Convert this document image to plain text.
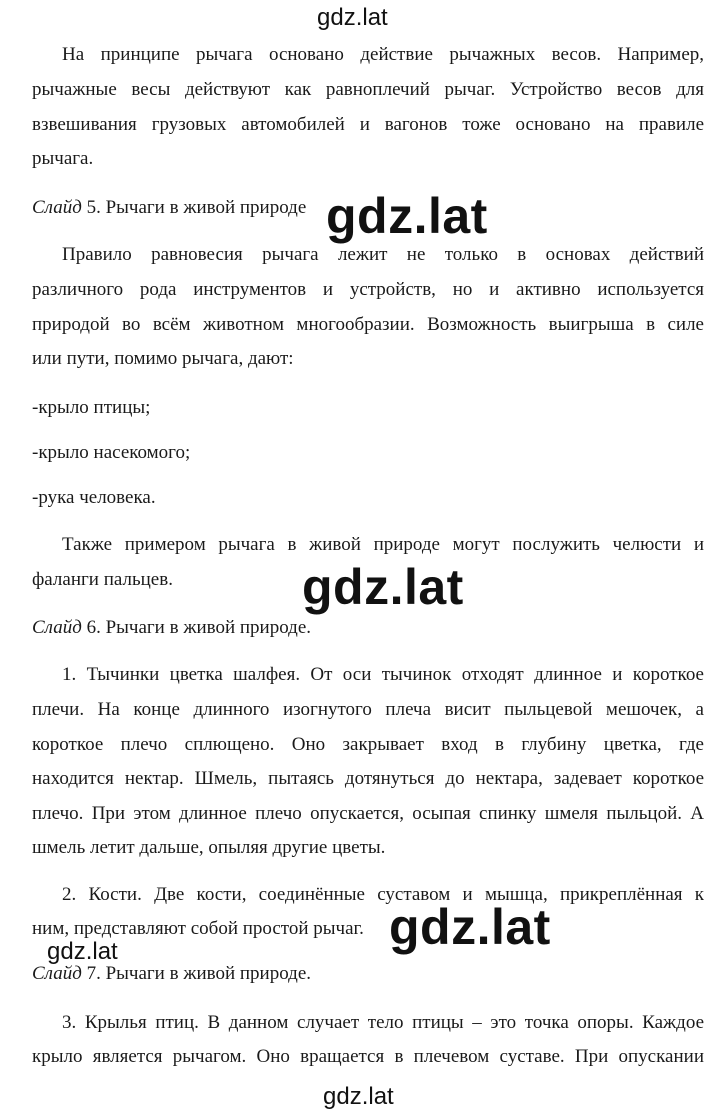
gdz.lat
На принципе рычага основано действие рычажных весов. Например,
рычажные весы действуют как равноплечий рычаг. Устройство весов для
взвешивания грузовых автомобилей и вагонов тоже основано на правиле
рычага.
Слайд 5. Рычаги в живой природе
Правило равновесия рычага лежит не только в основах действий
различного рода инструментов и устройств, но и активно используется
природой во всём животном многообразии. Возможность выигрыша в силе
или пути, помимо рычага, дают:
-крыло птицы;
-крыло насекомого;
-рука человека.
Также примером рычага в живой природе могут послужить челюсти и
фаланги пальцев.
Слайд 6. Рычаги в живой природе.
1. Тычинки цветка шалфея. От оси тычинок отходят длинное и короткое
плечи. На конце длинного изогнутого плеча висит пыльцевой мешочек, а
короткое плечо сплющено. Оно закрывает вход в глубину цветка, где
находится нектар. Шмель, пытаясь дотянуться до нектара, задевает короткое
плечо. При этом длинное плечо опускается, осыпая спинку шмеля пыльцой. А
шмель летит дальше, опыляя другие цветы.
2. Кости. Две кости, соединённые суставом и мышца, прикреплённая к
ним, представляют собой простой рычаг.
Слайд 7. Рычаги в живой природе.
3. Крылья птиц. В данном случает тело птицы – это точка опоры. Каждое
крыло является рычагом. Оно вращается в плечевом суставе. При опускании
gdz.lat
gdz.lat
gdz.lat
gdz.lat
gdz.lat
